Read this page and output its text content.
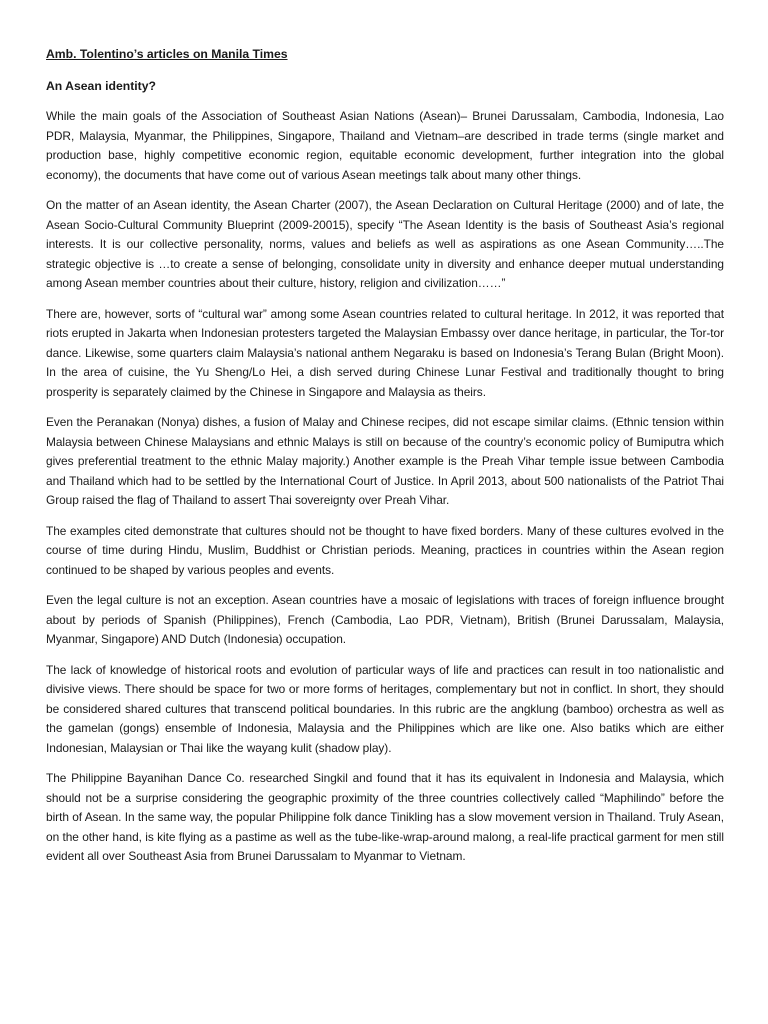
Amb. Tolentino’s articles on Manila Times

An Asean identity?

While the main goals of the Association of Southeast Asian Nations (Asean)– Brunei Darussalam, Cambodia, Indonesia, Lao PDR, Malaysia, Myanmar, the Philippines, Singapore, Thailand and Vietnam–are described in trade terms (single market and production base, highly competitive economic region, equitable economic development, further integration into the global economy), the documents that have come out of various Asean meetings talk about many other things.

On the matter of an Asean identity, the Asean Charter (2007), the Asean Declaration on Cultural Heritage (2000) and of late, the Asean Socio-Cultural Community Blueprint (2009-20015), specify “The Asean Identity is the basis of Southeast Asia’s regional interests. It is our collective personality, norms, values and beliefs as well as aspirations as one Asean Community…..The strategic objective is …to create a sense of belonging, consolidate unity in diversity and enhance deeper mutual understanding among Asean member countries about their culture, history, religion and civilization……”

There are, however, sorts of “cultural war” among some Asean countries related to cultural heritage. In 2012, it was reported that riots erupted in Jakarta when Indonesian protesters targeted the Malaysian Embassy over dance heritage, in particular, the Tor-tor dance. Likewise, some quarters claim Malaysia’s national anthem Negaraku is based on Indonesia’s Terang Bulan (Bright Moon). In the area of cuisine, the Yu Sheng/Lo Hei, a dish served during Chinese Lunar Festival and traditionally thought to bring prosperity is separately claimed by the Chinese in Singapore and Malaysia as theirs.

Even the Peranakan (Nonya) dishes, a fusion of Malay and Chinese recipes, did not escape similar claims. (Ethnic tension within Malaysia between Chinese Malaysians and ethnic Malays is still on because of the country’s economic policy of Bumiputra which gives preferential treatment to the ethnic Malay majority.) Another example is the Preah Vihar temple issue between Cambodia and Thailand which had to be settled by the International Court of Justice. In April 2013, about 500 nationalists of the Patriot Thai Group raised the flag of Thailand to assert Thai sovereignty over Preah Vihar.

The examples cited demonstrate that cultures should not be thought to have fixed borders. Many of these cultures evolved in the course of time during Hindu, Muslim, Buddhist or Christian periods. Meaning, practices in countries within the Asean region continued to be shaped by various peoples and events.

Even the legal culture is not an exception. Asean countries have a mosaic of legislations with traces of foreign influence brought about by periods of Spanish (Philippines), French (Cambodia, Lao PDR, Vietnam), British (Brunei Darussalam, Malaysia, Myanmar, Singapore) AND Dutch (Indonesia) occupation.

The lack of knowledge of historical roots and evolution of particular ways of life and practices can result in too nationalistic and divisive views. There should be space for two or more forms of heritages, complementary but not in conflict. In short, they should be considered shared cultures that transcend political boundaries. In this rubric are the angklung (bamboo) orchestra as well as the gamelan (gongs) ensemble of Indonesia, Malaysia and the Philippines which are like one. Also batiks which are either Indonesian, Malaysian or Thai like the wayang kulit (shadow play).

The Philippine Bayanihan Dance Co. researched Singkil and found that it has its equivalent in Indonesia and Malaysia, which should not be a surprise considering the geographic proximity of the three countries collectively called “Maphilindo” before the birth of Asean. In the same way, the popular Philippine folk dance Tinikling has a slow movement version in Thailand. Truly Asean, on the other hand, is kite flying as a pastime as well as the tube-like-wrap-around malong, a real-life practical garment for men still evident all over Southeast Asia from Brunei Darussalam to Myanmar to Vietnam.
